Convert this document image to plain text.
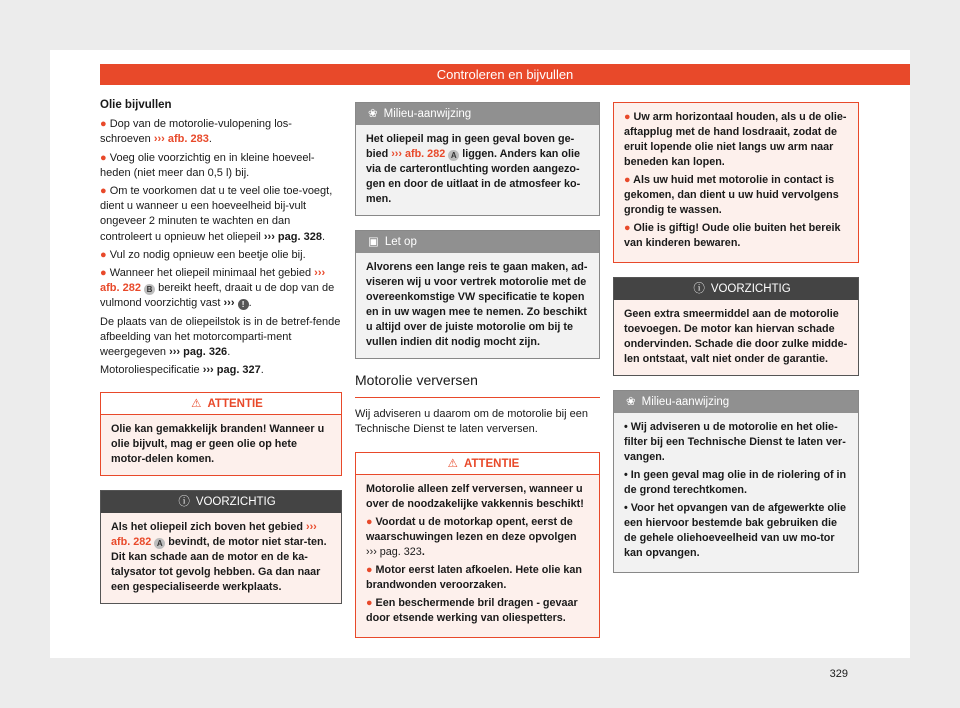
Controleren en bijvullen
Olie bijvullen
● Dop van de motorolie-vulopening los-schroeven ››› afb. 283.
● Voeg olie voorzichtig en in kleine hoeveel-heden (niet meer dan 0,5 l) bij.
● Om te voorkomen dat u te veel olie toe-voegt, dient u wanneer u een hoeveelheid bij-vult ongeveer 2 minuten te wachten en dan controleert u opnieuw het oliepeil ››› pag. 328.
● Vul zo nodig opnieuw een beetje olie bij.
● Wanneer het oliepeil minimaal het gebied ››› afb. 282 B bereikt heeft, draait u de dop van de vulmond voorzichtig vast ››› ! .

De plaats van de oliepeilstok is in de betref-fende afbeelding van het motorcomparti-ment weergegeven ››› pag. 326.

Motoroliespecificatie ››› pag. 327.

⚠ ATTENTIE
Olie kan gemakkelijk branden! Wanneer u olie bijvult, mag er geen olie op hete motor-delen komen.
ⓘ VOORZICHTIG
Als het oliepeil zich boven het gebied ››› afb. 282 A bevindt, de motor niet star-ten. Dit kan schade aan de motor en de ka-talysator tot gevolg hebben. Ga dan naar een gespecialiseerde werkplaats.
❀ Milieu-aanwijzing
Het oliepeil mag in geen geval boven ge-bied ››› afb. 282 A liggen. Anders kan olie via de carterontluchting worden aangezo-gen en door de uitlaat in de atmosfeer ko-men.
▣ Let op
Alvorens een lange reis te gaan maken, ad-viseren wij u voor vertrek motorolie met de overeenkomstige VW specificatie te kopen en in uw wagen mee te nemen. Zo beschikt u altijd over de juiste motorolie om bij te vullen indien dit nodig mocht zijn.
Motorolie verversen

Wij adviseren u daarom om de motorolie bij een Technische Dienst te laten verversen.

⚠ ATTENTIE
Motorolie alleen zelf verversen, wanneer u over de noodzakelijke vakkennis beschikt!
● Voordat u de motorkap opent, eerst de waarschuwingen lezen en deze opvolgen ››› pag. 323.
● Motor eerst laten afkoelen. Hete olie kan brandwonden veroorzaken.
● Een beschermende bril dragen - gevaar door etsende werking van oliespetters.
● Uw arm horizontaal houden, als u de olie-aftapplug met de hand losdraait, zodat de eruit lopende olie niet langs uw arm naar beneden kan lopen.
● Als uw huid met motorolie in contact is gekomen, dan dient u uw huid vervolgens grondig te wassen.
● Olie is giftig! Oude olie buiten het bereik van kinderen bewaren.
ⓘ VOORZICHTIG
Geen extra smeermiddel aan de motorolie toevoegen. De motor kan hiervan schade ondervinden. Schade die door zulke midde-len ontstaat, valt niet onder de garantie.
❀ Milieu-aanwijzing
• Wij adviseren u de motorolie en het olie-filter bij een Technische Dienst te laten ver-vangen.
• In geen geval mag olie in de riolering of in de grond terechtkomen.
• Voor het opvangen van de afgewerkte olie een hiervoor bestemde bak gebruiken die de gehele oliehoeveelheid van uw mo-tor kan opvangen.
329
